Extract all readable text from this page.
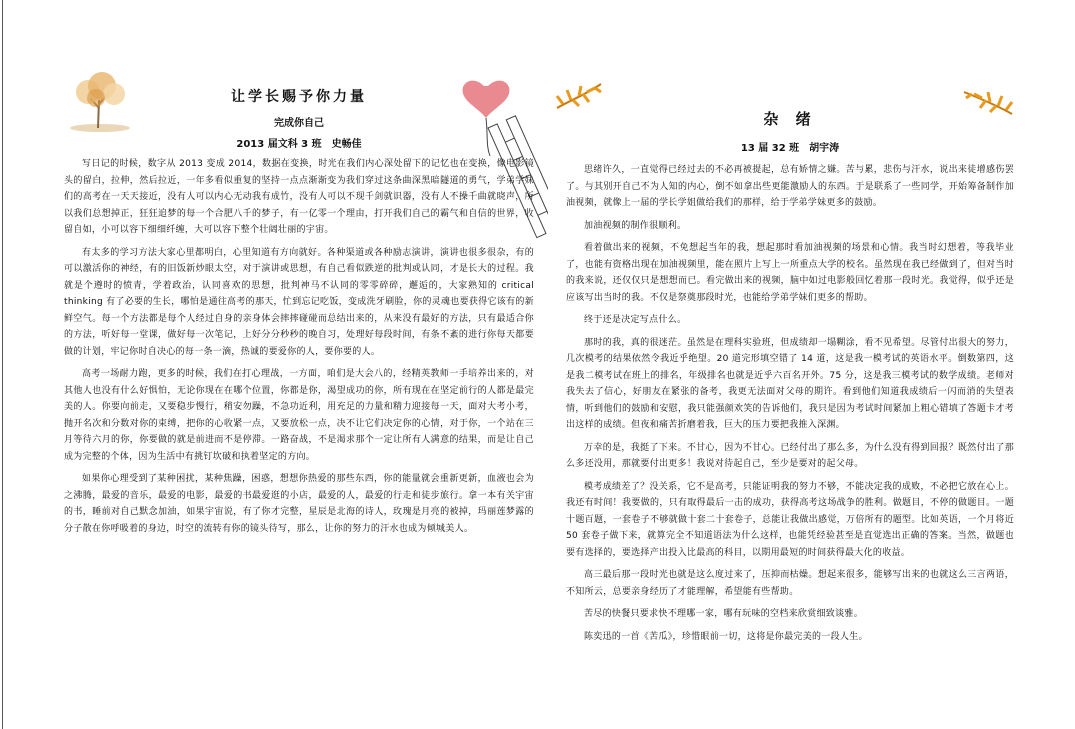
让学长赐予你力量
完成你自己
2013 届文科 3 班　史畅佳

写日记的时候，数字从 2013 变成 2014，数据在变换，时光在我们内心深处留下的记忆也在变换，像电影镜头的留白，拉伸，然后拉近，一年多看似重复的坚持一点点渐渐变为我们穿过这条曲深黑暗隧道的勇气，学弟学妹们的高考在一天天接近，没有人可以内心无动我有成竹，没有人可以不现千剑就识器，没有人不操千曲就晓声，所以我们总想掉正，狂狂追梦的每一个合肥八千的梦子，有一亿零一个理由，打开我们自己的霸气和自信的世界，收留自如，小可以容下细细纤缠，大可以容下整个壮阔壮丽的宇宙。

有太多的学习方法大家心里都明白，心里知道有方向就好。各种渠道或各种励志演讲，演讲也很多很杂，有的可以激活你的神经，有的旧饭新炒眼太空，对于演讲或思想，有自己看似跌逆的批判或认同，才是长大的过程。我就是个遵时的愤青，学着政治，认同喜欢的思想，批判神马不认同的零零碎碎，邂逅的，大家熟知的 critical thinking 有了必要的生长，哪怕是通往高考的那天，忙到忘记吃饭，变成洗牙刷脸，你的灵魂也要获得它该有的新鲜空气。每一个方法都是每个人经过自身的亲身体会摔摔碰碰而总结出来的，从来没有最好的方法，只有最适合你的方法，听好每一堂课，做好每一次笔记，上好分分秒秒的晚自习，处理好每段时间，有条不紊的进行你每天都要做的计划，牢记你时自决心的每一条一滴，热诚的要爱你的人，要你要的人。

高考一场耐力跑，更多的时候，我们在打心理战，一方面，咱们是大会八的，经精英教师一手培养出来的，对其他人也没有什么好惧怕，无论你现在在哪个位置，你都是你，渴望成功的你，所有现在在坚定前行的人都是最完美的人。你要向前走，又要稳步慢行，稍安勿躁，不急功近利，用充足的力量和精力迎接每一天，面对大考小考，抛开名次和分数对你的束缚，把你的心收紧一点，又要放松一点，决不让它们决定你的心情，对于你，一个站在三月等待六月的你，你要做的就是前进而不是停滞。一路奋战，不是渴求那个一定让所有人满意的结果，而是让自己成为完整的个体，因为生活中有挑钉坎破和执着坚定的方向。

如果你心理受到了某种困扰，某种焦躁，困惑，想想你热爱的那些东西，你的能量就会重新更新，血液也会为之沸腾，最爱的音乐，最爱的电影，最爱的书最爱逛的小店，最爱的人，最爱的行走和徒步旅行。拿一本有关宇宙的书，睡前对自己默念加油，如果宇宙说，有了你才完整，星辰是北海的诗人，玫瑰是月亮的被掉，玛丽莲梦露的分子散在你呼吸着的身边，时空的流转有你的镜头待写，那么，让你的努力的汗水也成为倾城美人。

杂 绪
13 届 32 班　胡宇涛

思绪许久，一直觉得已经过去的不必再被提起，总有娇情之嫌。苦与累，悲伤与汗水，说出来徒增感伤罢了。与其别开自己不为人知的内心，倒不如拿出些更能激励人的东西。于是联系了一些同学，开始筹备制作加油视频，就像上一届的学长学姐做给我们的那样，给于学弟学妹更多的鼓励。

加油视频的制作很顺利。

看着做出来的视频，不免想起当年的我，想起那时看加油视频的场景和心情。我当时幻想着，等我毕业了，也能有资格出现在加油视频里，能在照片上写上一所重点大学的校名。虽然现在我已经做到了，但对当时的我来说，还仅仅只是想想而已。看完做出来的视频，脑中如过电影般回忆着那一段时光。我觉得，似乎还是应该写出当时的我。不仅是祭奠那段时光，也能给学弟学妹们更多的帮助。

终于还是决定写点什么。

那时的我，真的很迷茫。虽然是在理科实验班，但成绩却一塌糊涂，看不见希望。尽管付出很大的努力，几次模考的结果依然令我近乎绝望。20 道完形填空错了 14 道，这是我一模考试的英语水平。倒数第四，这是我二模考试在班上的排名，年级排名也就是近乎六百名开外。75 分，这是我三模考试的数学成绩。老师对我失去了信心，好朋友在紧张的备考，我更无法面对父母的期许。看到他们知道我成绩后一闪而消的失望表情，听到他们的鼓励和安慰，我只能强颜欢笑的告诉他们，我只是因为考试时间紧加上粗心错填了答题卡才考出这样的成绩。但夜和痛苦折磨着我，巨大的压力要把我推入深渊。

万幸的是，我挺了下来。不甘心，因为不甘心。已经付出了那么多，为什么没有得到回报？既然付出了那么多还没用，那就要付出更多！我说对待起自己，至少是要对的起父母。

模考成绩差了？没关系，它不是高考，只能证明我的努力不够，不能决定我的成败，不必把它放在心上。我还有时间！我要做的，只有取得最后一击的成功，获得高考这场战争的胜利。做题目，不停的做题目。一题十题百题，一套卷子不够就做十套二十套卷子，总能让我做出感觉，万倍所有的题型。比如英语，一个月将近 50 套卷子做下来，就算完全不知道语法为什么这样，也能凭经验甚至是直觉选出正确的答案。当然，做题也要有选择的，要选择产出投入比最高的科目，以期用最短的时间获得最大化的收益。

高三最后那一段时光也就是这么度过来了，压抑而枯燥。想起来很多，能够写出来的也就这么三言两语，不知所云，总要亲身经历了才能理解，希望能有些帮助。

苦尽的快餐只要求快不理哪一家，哪有玩味的空档来欣赏细致谈雅。

陈奕迅的一首《苦瓜》，珍惜眼前一切，这将是你最完美的一段人生。
